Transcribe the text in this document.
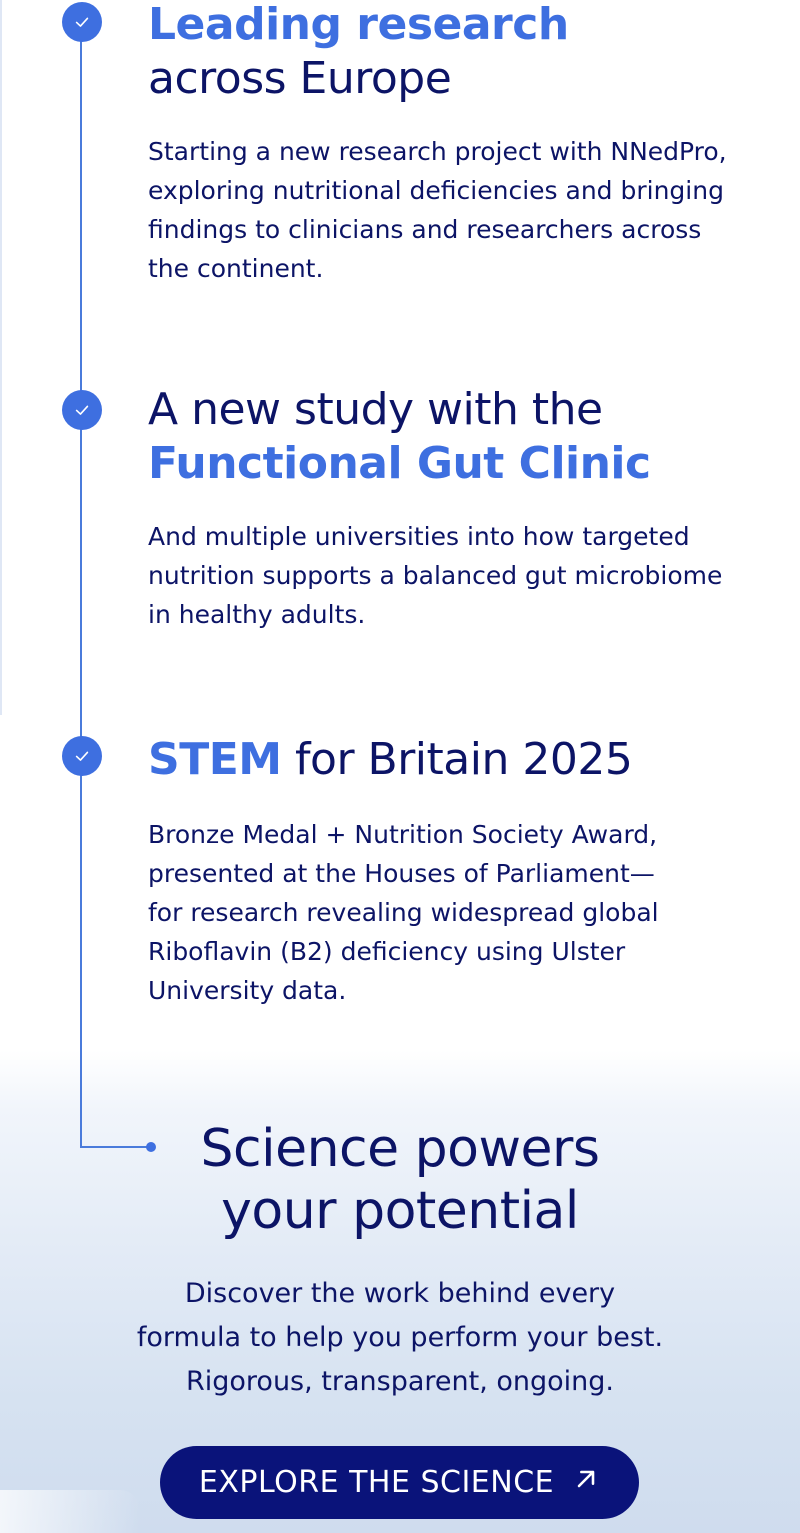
Leading research
across Europe

Starting a new research project with NNedPro, exploring nutritional deficiencies and bringing findings to clinicians and researchers across the continent.

A new study with the
Functional Gut Clinic

And multiple universities into how targeted nutrition supports a balanced gut microbiome in healthy adults.

STEM for Britain 2025

Bronze Medal + Nutrition Society Award, presented at the Houses of Parliament—for research revealing widespread global Riboflavin (B2) deficiency using Ulster University data.

Science powers
your potential

Discover the work behind every
formula to help you perform your best.
Rigorous, transparent, ongoing.

EXPLORE THE SCIENCE
